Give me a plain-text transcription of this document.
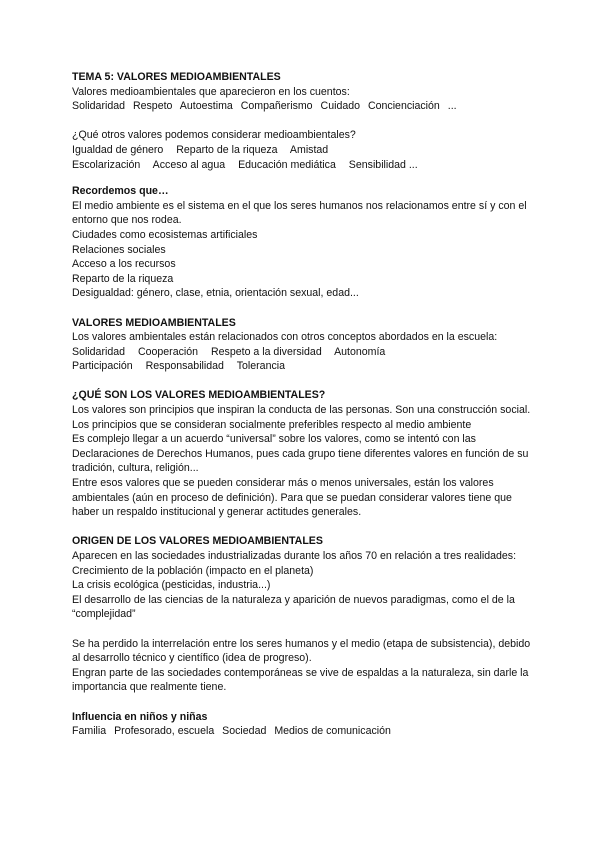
TEMA 5: VALORES MEDIOAMBIENTALES
Valores medioambientales que aparecieron en los cuentos:
Solidaridad Respeto Autoestima Compañerismo Cuidado Concienciación ...
¿Qué otros valores podemos considerar medioambientales?
Igualdad de género Reparto de la riqueza Amistad
Escolarización Acceso al agua Educación mediática Sensibilidad ...
Recordemos que…
El medio ambiente es el sistema en el que los seres humanos nos relacionamos entre sí y con el entorno que nos rodea.
Ciudades como ecosistemas artificiales
Relaciones sociales
Acceso a los recursos
Reparto de la riqueza
Desigualdad: género, clase, etnia, orientación sexual, edad...
VALORES MEDIOAMBIENTALES
Los valores ambientales están relacionados con otros conceptos abordados en la escuela:
Solidaridad Cooperación Respeto a la diversidad Autonomía
Participación Responsabilidad Tolerancia
¿QUÉ SON LOS VALORES MEDIOAMBIENTALES?
Los valores son principios que inspiran la conducta de las personas. Son una construcción social.
Los principios que se consideran socialmente preferibles respecto al medio ambiente
Es complejo llegar a un acuerdo “universal” sobre los valores, como se intentó con las Declaraciones de Derechos Humanos, pues cada grupo tiene diferentes valores en función de su tradición, cultura, religión...
Entre esos valores que se pueden considerar más o menos universales, están los valores ambientales (aún en proceso de definición). Para que se puedan considerar valores tiene que haber un respaldo institucional y generar actitudes generales.
ORIGEN DE LOS VALORES MEDIOAMBIENTALES
Aparecen en las sociedades industrializadas durante los años 70 en relación a tres realidades:
Crecimiento de la población (impacto en el planeta)
La crisis ecológica (pesticidas, industria...)
El desarrollo de las ciencias de la naturaleza y aparición de nuevos paradigmas, como el de la “complejidad”
Se ha perdido la interrelación entre los seres humanos y el medio (etapa de subsistencia), debido al desarrollo técnico y científico (idea de progreso).
Engran parte de las sociedades contemporáneas se vive de espaldas a la naturaleza, sin darle la importancia que realmente tiene.
Influencia en niños y niñas
Familia Profesorado, escuela Sociedad Medios de comunicación
